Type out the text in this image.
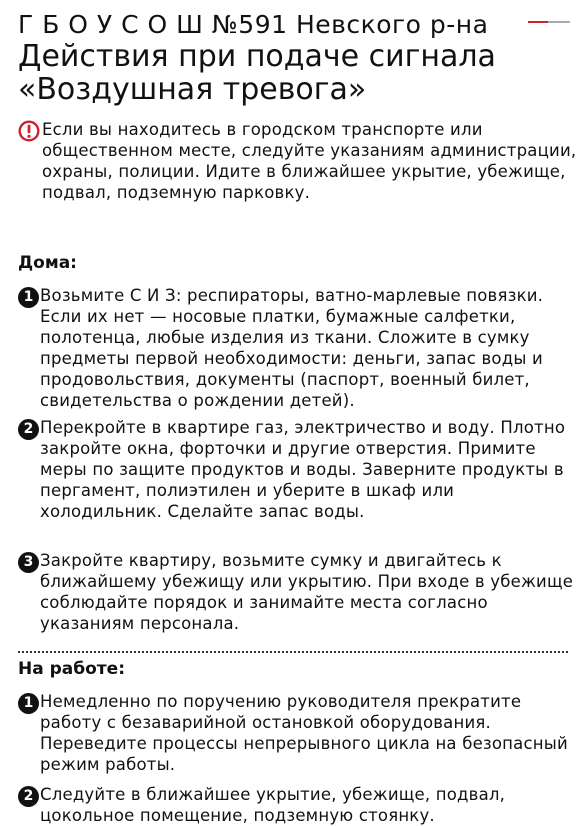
Г Б О У С О Ш №591 Невского р-на
Действия при подаче сигнала
«Воздушная тревога»

Если вы находитесь в городском транспорте или общественном месте, следуйте указаниям администрации, охраны, полиции. Идите в ближайшее укрытие, убежище, подвал, подземную парковку.

Дома:
1 Возьмите С И З: респираторы, ватно-марлевые повязки. Если их нет — носовые платки, бумажные салфетки, полотенца, любые изделия из ткани. Сложите в сумку предметы первой необходимости: деньги, запас воды и продовольствия, документы (паспорт, военный билет, свидетельства о рождении детей).

2 Перекройте в квартире газ, электричество и воду. Плотно закройте окна, форточки и другие отверстия. Примите меры по защите продуктов и воды. Заверните продукты в пергамент, полиэтилен и уберите в шкаф или холодильник. Сделайте запас воды.

3 Закройте квартиру, возьмите сумку и двигайтесь к ближайшему убежищу или укрытию. При входе в убежище соблюдайте порядок и занимайте места согласно указаниям персонала.

На работе:
1 Немедленно по поручению руководителя прекратите работу с безаварийной остановкой оборудования. Переведите процессы непрерывного цикла на безопасный режим работы.

2 Следуйте в ближайшее укрытие, убежище, подвал, цокольное помещение, подземную стоянку.
